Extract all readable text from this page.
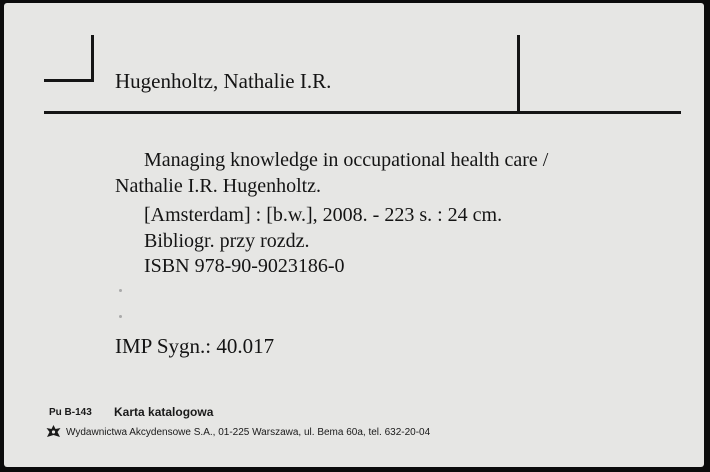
Hugenholtz, Nathalie I.R.
Managing knowledge in occupational health care /
Nathalie I.R. Hugenholtz.
[Amsterdam] : [b.w.], 2008. - 223 s. : 24 cm.
Bibliogr. przy rozdz.
ISBN 978-90-9023186-0
IMP Sygn.: 40.017
Pu B-143 Karta katalogowa
Wydawnictwa Akcydensowe S.A., 01-225 Warszawa, ul. Bema 60a, tel. 632-20-04
